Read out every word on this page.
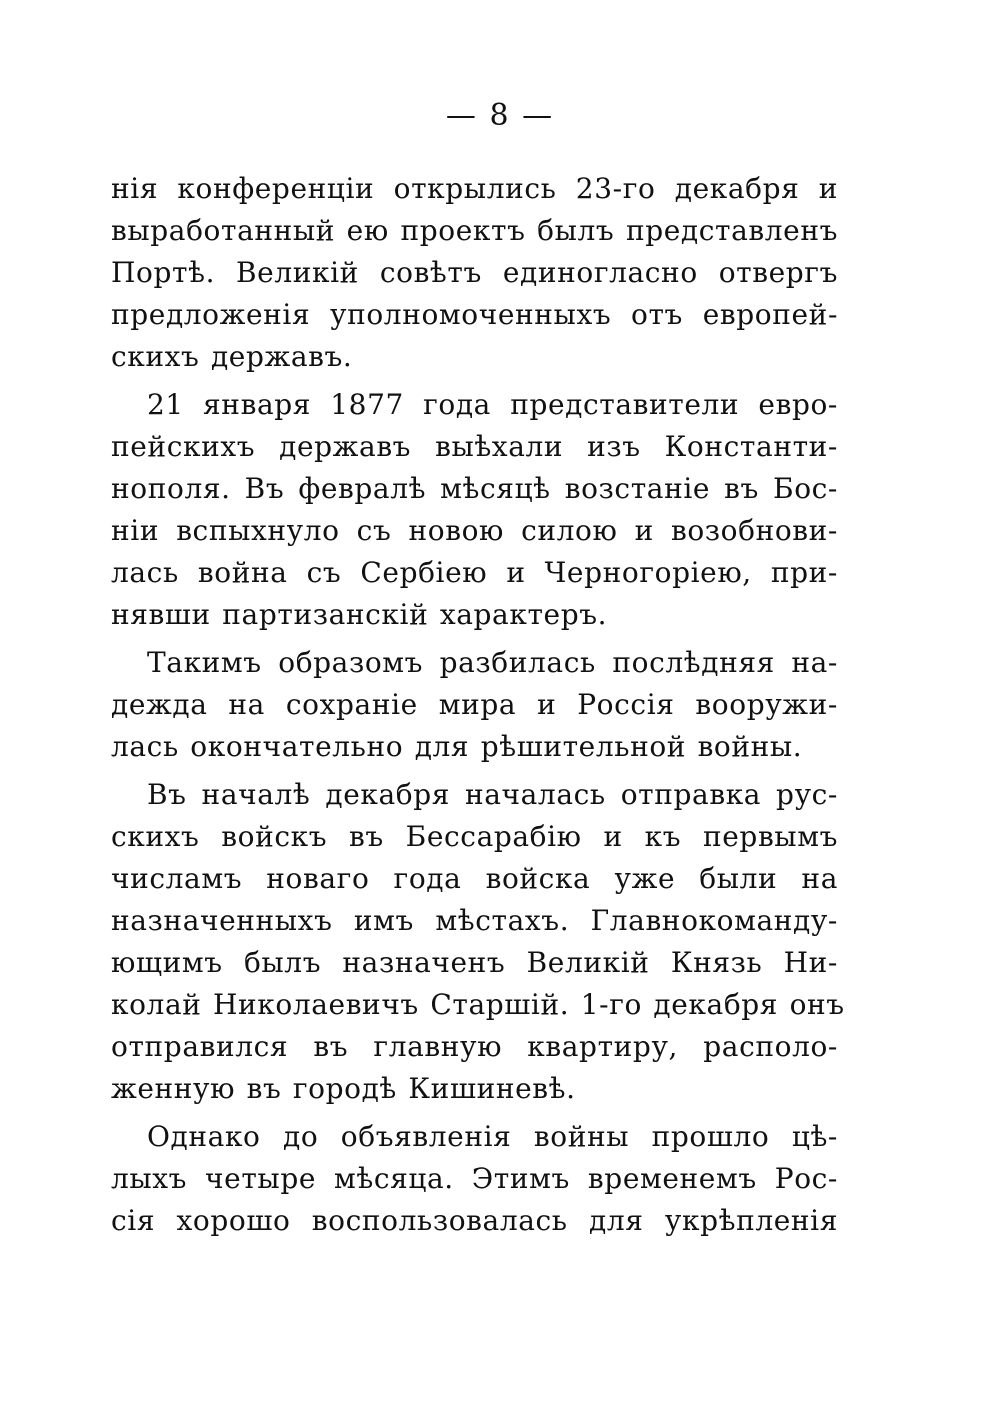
— 8 —

нія конференціи открылись 23-го декабря и
выработанный ею проектъ былъ представленъ
Портѣ. Великій совѣтъ единогласно отвергъ
предложенія уполномоченныхъ отъ европей-
скихъ державъ.

21 января 1877 года представители евро-
пейскихъ державъ выѣхали изъ Константи-
нополя. Въ февралѣ мѣсяцѣ возстаніе въ Бос-
ніи вспыхнуло съ новою силою и возобнови-
лась война съ Сербіею и Черногоріею, при-
нявши партизанскій характеръ.

Такимъ образомъ разбилась послѣдняя на-
дежда на сохраніе мира и Россія вооружи-
лась окончательно для рѣшительной войны.

Въ началѣ декабря началась отправка рус-
скихъ войскъ въ Бессарабію и къ первымъ
числамъ новаго года войска уже были на
назначенныхъ имъ мѣстахъ. Главнокоманду-
ющимъ былъ назначенъ Великій Князь Ни-
колай Николаевичъ Старшій. 1-го декабря онъ
отправился въ главную квартиру, располо-
женную въ городѣ Кишиневѣ.

Однако до объявленія войны прошло цѣ-
лыхъ четыре мѣсяца. Этимъ временемъ Рос-
сія хорошо воспользовалась для укрѣпленія
